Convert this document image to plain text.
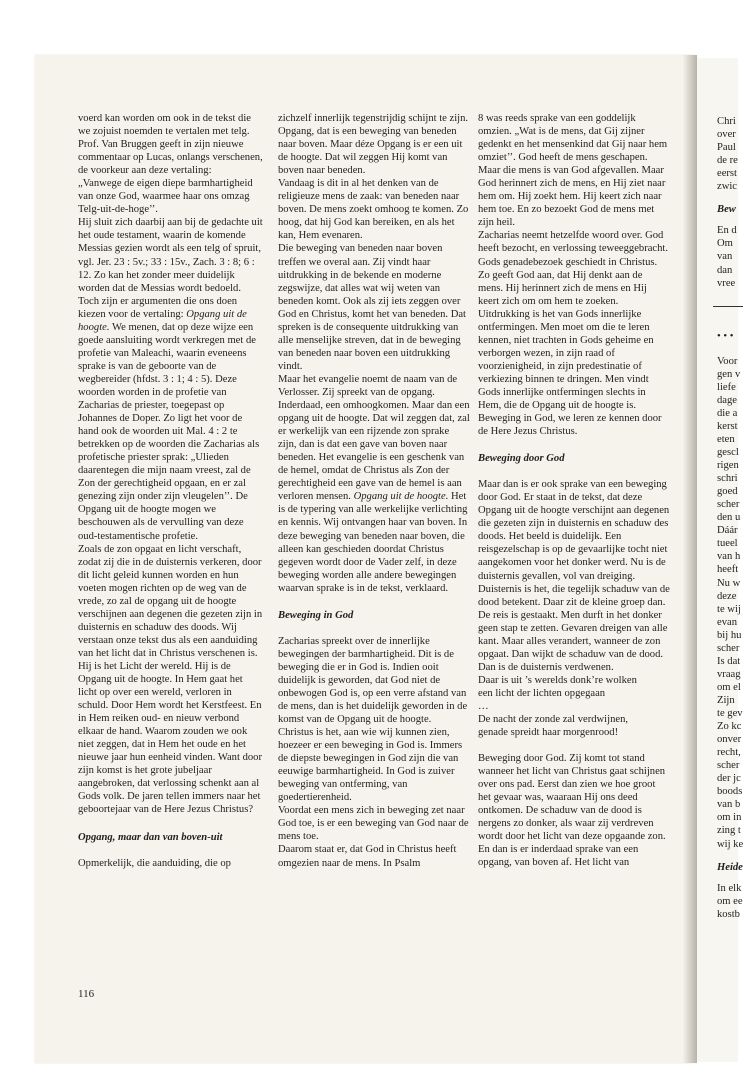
Chri
over
Paul
de re
eerst
zwic
Bew
En d
Om
van
dan
vree
• • •
Voor
gen v
liefe
dage
die a
kerst
eten
gescl
rigen
schri
goed
scher
den u
Dáár
tueel
van h
heeft
Nu w
deze
te wij
evan
bij hu
scher
Is dat
vraag
om el
Zijn
te gev
Zo kc
onver
recht,
scher
der jc
boods
van b
om in
zing t
wij ke
Heide
In elk
om ee
kostb

voerd kan worden om ook in de tekst die we zojuist noemden te vertalen met telg. Prof. Van Bruggen geeft in zijn nieuwe commentaar op Lucas, onlangs verschenen, de voorkeur aan deze vertaling:

„Vanwege de eigen diepe barmhartigheid van onze God, waarmee haar ons omzag Telg-uit-de-hoge’’.

Hij sluit zich daarbij aan bij de gedachte uit het oude testament, waarin de komende Messias gezien wordt als een telg of spruit, vgl. Jer. 23 : 5v.; 33 : 15v., Zach. 3 : 8; 6 : 12. Zo kan het zonder meer duidelijk worden dat de Messias wordt bedoeld.

Toch zijn er argumenten die ons doen kiezen voor de vertaling: Opgang uit de hoogte. We menen, dat op deze wijze een goede aansluiting wordt verkregen met de profetie van Maleachi, waarin eveneens sprake is van de geboorte van de wegbereider (hfdst. 3 : 1; 4 : 5). Deze woorden worden in de profetie van Zacharias de priester, toegepast op Johannes de Doper. Zo ligt het voor de hand ook de woorden uit Mal. 4 : 2 te betrekken op de woorden die Zacharias als profetische priester sprak: „Ulieden daarentegen die mijn naam vreest, zal de Zon der gerechtigheid opgaan, en er zal genezing zijn onder zijn vleugelen’’. De Opgang uit de hoogte mogen we beschouwen als de vervulling van deze oud-testamentische profetie.

Zoals de zon opgaat en licht verschaft, zodat zij die in de duisternis verkeren, door dit licht geleid kunnen worden en hun voeten mogen richten op de weg van de vrede, zo zal de opgang uit de hoogte verschijnen aan degenen die gezeten zijn in duisternis en schaduw des doods. Wij verstaan onze tekst dus als een aanduiding van het licht dat in Christus verschenen is. Hij is het Licht der wereld. Hij is de Opgang uit de hoogte. In Hem gaat het licht op over een wereld, verloren in schuld. Door Hem wordt het Kerstfeest. En in Hem reiken oud- en nieuw verbond elkaar de hand. Waarom zouden we ook niet zeggen, dat in Hem het oude en het nieuwe jaar hun eenheid vinden. Want door zijn komst is het grote jubeljaar aangebroken, dat verlossing schenkt aan al Gods volk. De jaren tellen immers naar het geboortejaar van de Here Jezus Christus?

Opgang, maar dan van boven-uit

Opmerkelijk, die aanduiding, die op

zichzelf innerlijk tegenstrijdig schijnt te zijn. Opgang, dat is een beweging van beneden naar boven. Maar déze Opgang is er een uit de hoogte. Dat wil zeggen Hij komt van boven naar beneden.

Vandaag is dit in al het denken van de religieuze mens de zaak: van beneden naar boven. De mens zoekt omhoog te komen. Zo hoog, dat hij God kan bereiken, en als het kan, Hem evenaren.

Die beweging van beneden naar boven treffen we overal aan. Zij vindt haar uitdrukking in de bekende en moderne zegswijze, dat alles wat wij weten van beneden komt. Ook als zij iets zeggen over God en Christus, komt het van beneden. Dat spreken is de consequente uitdrukking van alle menselijke streven, dat in de beweging van beneden naar boven een uitdrukking vindt.

Maar het evangelie noemt de naam van de Verlosser. Zij spreekt van de opgang. Inderdaad, een omhoogkomen. Maar dan een opgang uit de hoogte. Dat wil zeggen dat, zal er werkelijk van een rijzende zon sprake zijn, dan is dat een gave van boven naar beneden. Het evangelie is een geschenk van de hemel, omdat de Christus als Zon der gerechtigheid een gave van de hemel is aan verloren mensen. Opgang uit de hoogte. Het is de typering van alle werkelijke verlichting en kennis. Wij ontvangen haar van boven. In deze beweging van beneden naar boven, die alleen kan geschieden doordat Christus gegeven wordt door de Vader zelf, in deze beweging worden alle andere bewegingen waarvan sprake is in de tekst, verklaard.

Beweging in God

Zacharias spreekt over de innerlijke bewegingen der barmhartigheid. Dit is de beweging die er in God is. Indien ooit duidelijk is geworden, dat God niet de onbewogen God is, op een verre afstand van de mens, dan is het duidelijk geworden in de komst van de Opgang uit de hoogte.

Christus is het, aan wie wij kunnen zien, hoezeer er een beweging in God is. Immers de diepste bewegingen in God zijn die van eeuwige barmhartigheid. In God is zuiver beweging van ontferming, van goedertierenheid.

Voordat een mens zich in beweging zet naar God toe, is er een beweging van God naar de mens toe.

Daarom staat er, dat God in Christus heeft omgezien naar de mens. In Psalm

8 was reeds sprake van een goddelijk omzien. „Wat is de mens, dat Gij zijner gedenkt en het mensenkind dat Gij naar hem omziet’’. God heeft de mens geschapen. Maar die mens is van God afgevallen. Maar God herinnert zich de mens, en Hij ziet naar hem om. Hij zoekt hem. Hij keert zich naar hem toe. En zo bezoekt God de mens met zijn heil.

Zacharias neemt hetzelfde woord over. God heeft bezocht, en verlossing teweeggebracht. Gods genadebezoek geschiedt in Christus. Zo geeft God aan, dat Hij denkt aan de mens. Hij herinnert zich de mens en Hij keert zich om om hem te zoeken.

Uitdrukking is het van Gods innerlijke ontfermingen. Men moet om die te leren kennen, niet trachten in Gods geheime en verborgen wezen, in zijn raad of voorzienigheid, in zijn predestinatie of verkiezing binnen te dringen. Men vindt Gods innerlijke ontfermingen slechts in Hem, die de Opgang uit de hoogte is. Beweging in God, we leren ze kennen door de Here Jezus Christus.

Beweging door God

Maar dan is er ook sprake van een beweging door God. Er staat in de tekst, dat deze Opgang uit de hoogte verschijnt aan degenen die gezeten zijn in duisternis en schaduw des doods. Het beeld is duidelijk. Een reisgezelschap is op de gevaarlijke tocht niet aangekomen voor het donker werd. Nu is de duisternis gevallen, vol van dreiging. Duisternis is het, die tegelijk schaduw van de dood betekent. Daar zit de kleine groep dan. De reis is gestaakt. Men durft in het donker geen stap te zetten. Gevaren dreigen van alle kant. Maar alles verandert, wanneer de zon opgaat. Dan wijkt de schaduw van de dood. Dan is de duisternis verdwenen.

Daar is uit ’s werelds donk’re wolken

een licht der lichten opgegaan

…

De nacht der zonde zal verdwijnen,

genade spreidt haar morgenrood!

Beweging door God. Zij komt tot stand wanneer het licht van Christus gaat schijnen over ons pad. Eerst dan zien we hoe groot het gevaar was, waaraan Hij ons deed ontkomen. De schaduw van de dood is nergens zo donker, als waar zij verdreven wordt door het licht van deze opgaande zon.

En dan is er inderdaad sprake van een opgang, van boven af. Het licht van

116
